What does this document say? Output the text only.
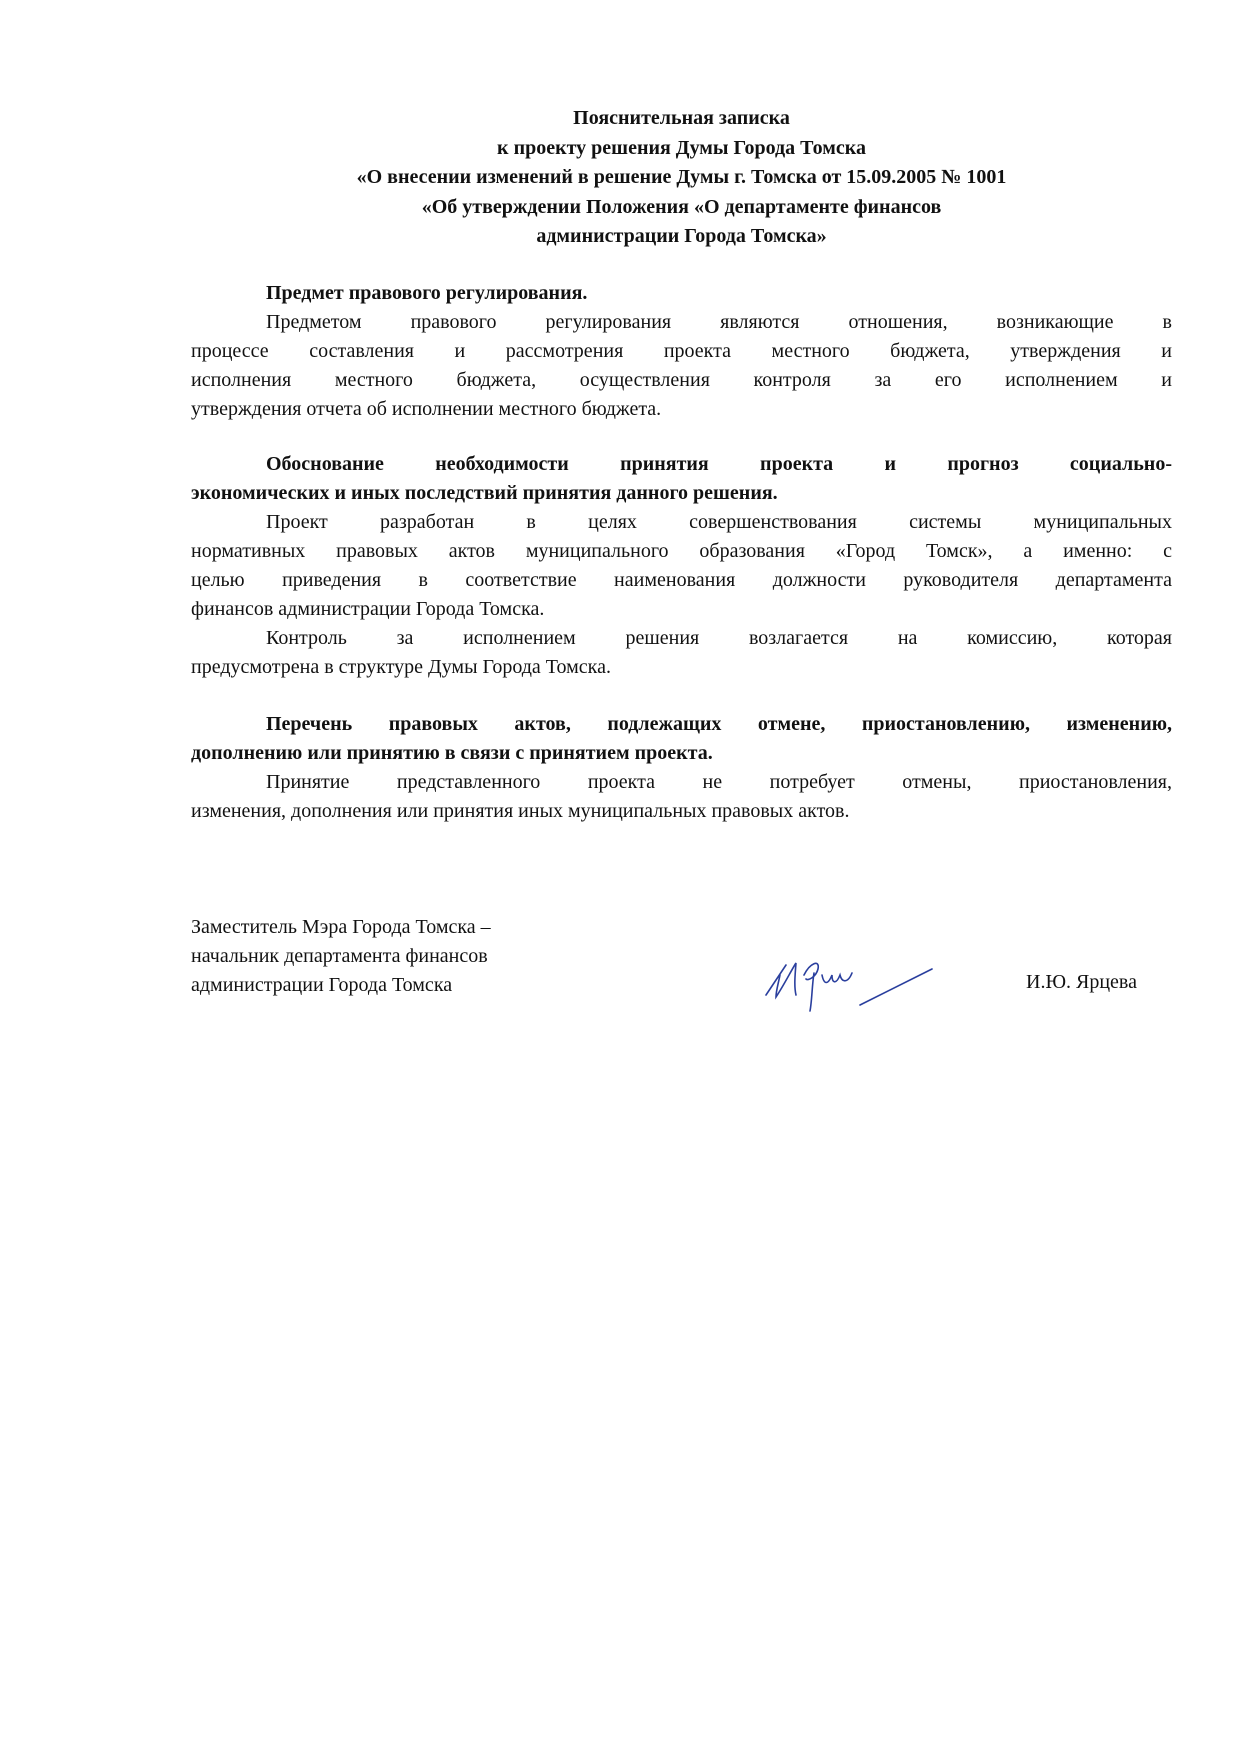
Пояснительная записка
к проекту решения Думы Города Томска
«О внесении изменений в решение Думы г. Томска от 15.09.2005 № 1001
«Об утверждении Положения «О департаменте финансов
администрации Города Томска»
Предмет правового регулирования.
Предметом правового регулирования являются отношения, возникающие в
процессе составления и рассмотрения проекта местного бюджета, утверждения и
исполнения местного бюджета, осуществления контроля за его исполнением и
утверждения отчета об исполнении местного бюджета.
Обоснование необходимости принятия проекта и прогноз социально-
экономических и иных последствий принятия данного решения.
Проект разработан в целях совершенствования системы муниципальных
нормативных правовых актов муниципального образования «Город Томск», а именно: с
целью приведения в соответствие наименования должности руководителя департамента
финансов администрации Города Томска.
Контроль за исполнением решения возлагается на комиссию, которая
предусмотрена в структуре Думы Города Томска.
Перечень правовых актов, подлежащих отмене, приостановлению, изменению,
дополнению или принятию в связи с принятием проекта.
Принятие представленного проекта не потребует отмены, приостановления,
изменения, дополнения или принятия иных муниципальных правовых актов.
Заместитель Мэра Города Томска –
начальник департамента финансов
администрации Города Томска	И.Ю. Ярцева
